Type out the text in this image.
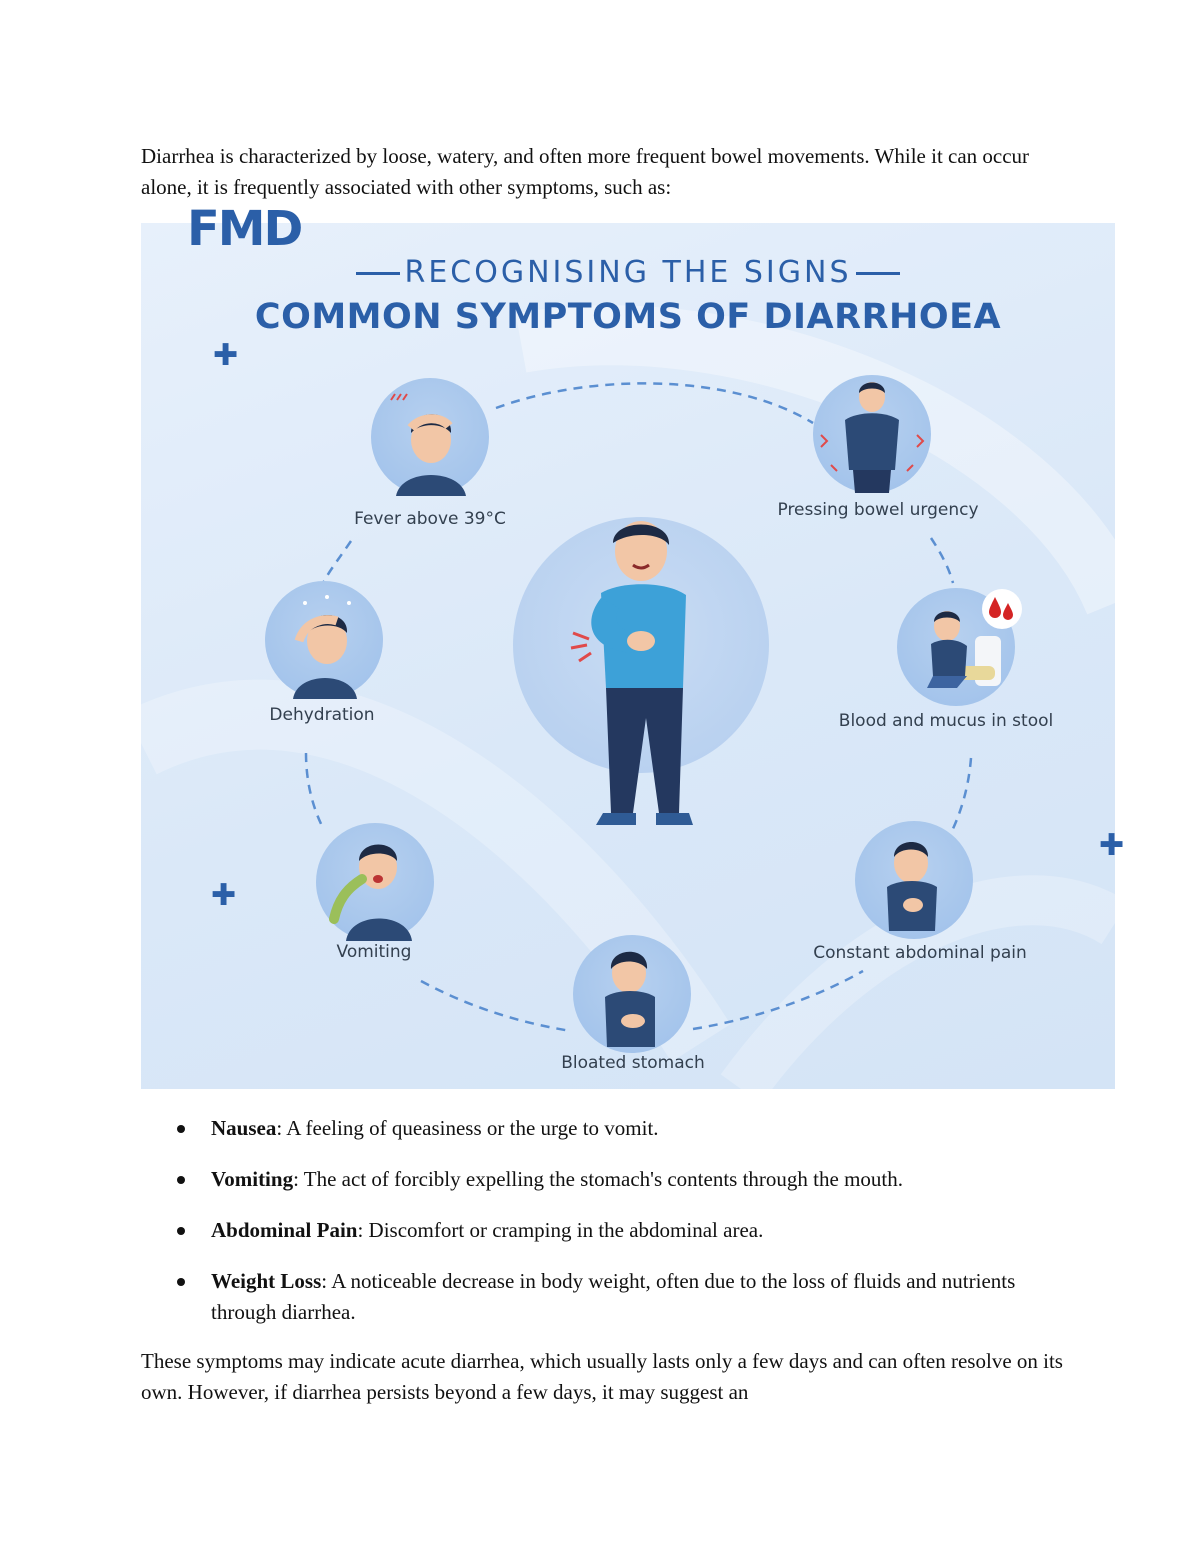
Diarrhea is characterized by loose, watery, and often more frequent bowel movements. While it can occur alone, it is frequently associated with other symptoms, such as:

FMD
RECOGNISING THE SIGNS
COMMON SYMPTOMS OF DIARRHOEA
✚
✚
✚
Fever above 39°C	Pressing bowel urgency
Dehydration	Blood and mucus in stool
Vomiting	Constant abdominal pain
Bloated stomach
Nausea: A feeling of queasiness or the urge to vomit.
Vomiting: The act of forcibly expelling the stomach's contents through the mouth.
Abdominal Pain: Discomfort or cramping in the abdominal area.
Weight Loss: A noticeable decrease in body weight, often due to the loss of fluids and nutrients through diarrhea.

These symptoms may indicate acute diarrhea, which usually lasts only a few days and can often resolve on its own. However, if diarrhea persists beyond a few days, it may suggest an
